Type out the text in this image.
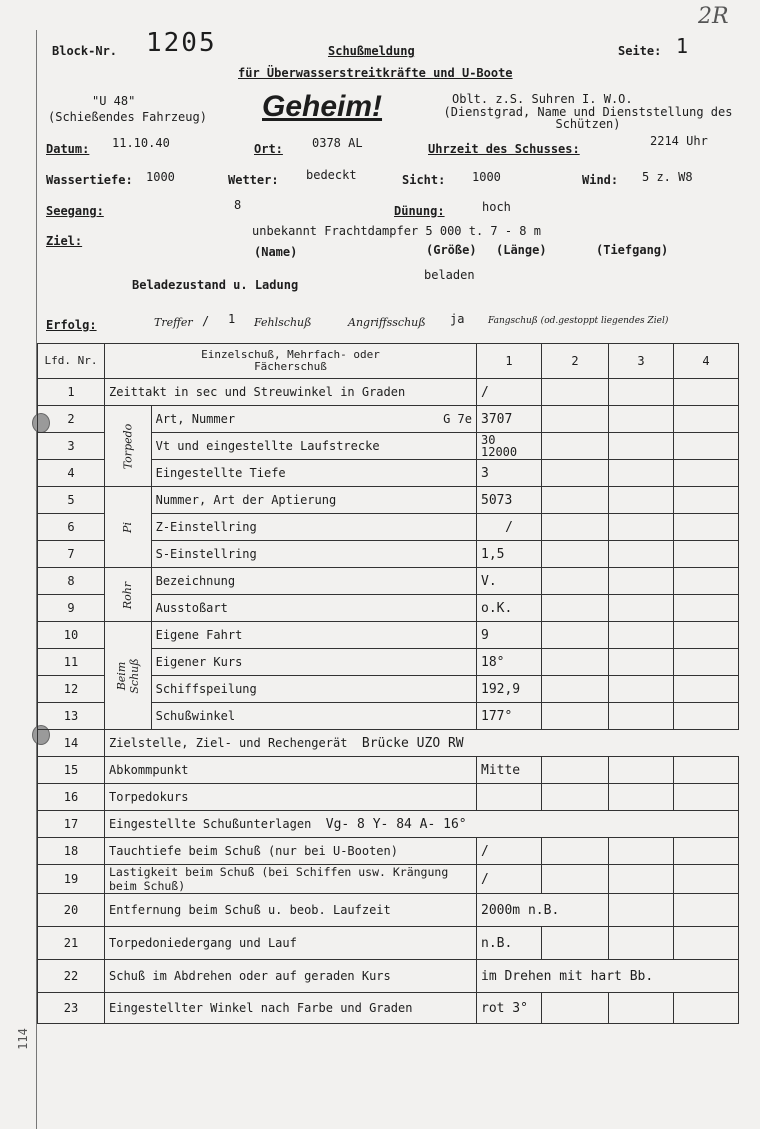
2R
Block-Nr. 1205	Schußmeldung	Seite: 1
für Überwasserstreitkräfte und U-Boote
"U 48"
(Schießendes Fahrzeug) Geheim!	Oblt. z.S. Suhren I. W.O.
(Dienstgrad, Name und Dienststellung des Schützen)
Datum: 11.10.40	Ort: 0378 AL	Uhrzeit des Schusses:
2214 Uhr
Wassertiefe: 1000	Wetter: bedeckt	Sicht: 1000	Wind: 5 z. W8
Seegang:	8	Dünung:	hoch
Ziel:
unbekannt Frachtdampfer 5 000 t. 7 - 8 m
(Name)	(Größe) (Länge)	(Tiefgang)
Beladezustand u. Ladung
beladen
Erfolg:	Treffer / 1 Fehlschuß	Angriffsschuß ja	Fangschuß (od.gestoppt liegendes Ziel)
Lfd. Nr.	Einzelschuß, Mehrfach- oder Fächerschuß		1	2	3	4
1	Zeittakt in sec und Streuwinkel in Graden		/			
2	Torpedo	Art, Nummer G 7e	3707			
3		Vt und eingestellte Laufstrecke	30 12000			
4		Eingestellte Tiefe	3			
5	Pi	Nummer, Art der Aptierung	5073			
6		Z-Einstellring	/			
7		S-Einstellring	1,5			
8	Rohr	Bezeichnung	V.			
9		Ausstoßart	o.K.			
10	Beim Schuß	Eigene Fahrt	9			
11		Eigener Kurs	18°			
12		Schiffspeilung	192,9			
13		Schußwinkel	177°			
14	Zielstelle, Ziel- und Rechengerät Brücke UZO RW					
15	Abkommpunkt		Mitte			
16	Torpedokurs					
17	Eingestellte Schußunterlagen Vg- 8 Y- 84 A- 16°					
18	Tauchtiefe beim Schuß (nur bei U-Booten)		/			
19	Lastigkeit beim Schuß (bei Schiffen usw. Krängung beim Schuß)		/			
20	Entfernung beim Schuß u. beob. Laufzeit		2000m n.B.			
21	Torpedoniedergang und Lauf		n.B.			
22	Schuß im Abdrehen oder auf geraden Kurs		im Drehen mit hart Bb.			
23	Eingestellter Winkel nach Farbe und Graden		rot 3°			
114
